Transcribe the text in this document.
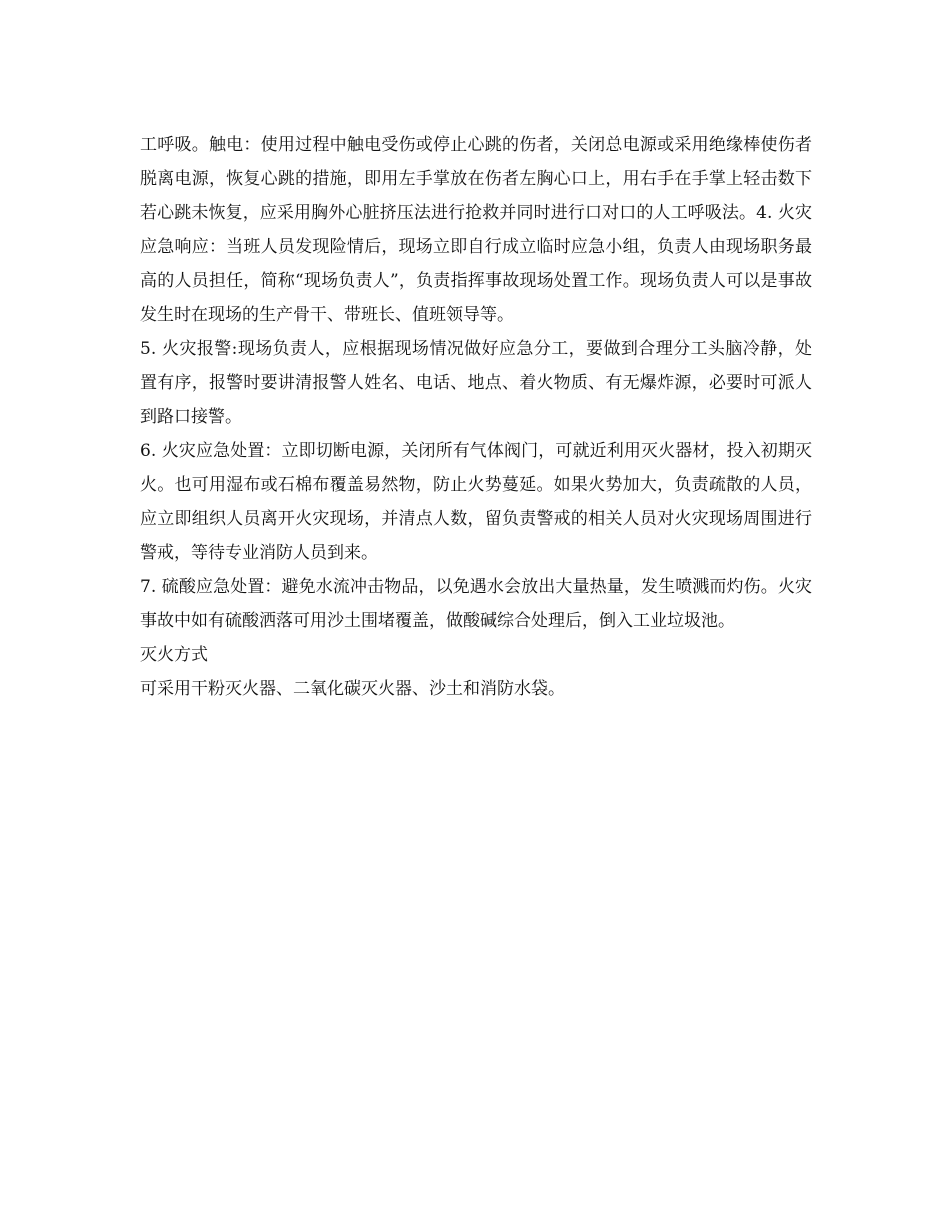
工呼吸。触电：使用过程中触电受伤或停止心跳的伤者，关闭总电源或采用绝缘棒使伤者脱离电源，恢复心跳的措施，即用左手掌放在伤者左胸心口上，用右手在手掌上轻击数下若心跳未恢复，应采用胸外心脏挤压法进行抢救并同时进行口对口的人工呼吸法。4. 火灾应急响应：当班人员发现险情后，现场立即自行成立临时应急小组，负责人由现场职务最高的人员担任，简称“现场负责人”，负责指挥事故现场处置工作。现场负责人可以是事故发生时在现场的生产骨干、带班长、值班领导等。

5. 火灾报警:现场负责人，应根据现场情况做好应急分工，要做到合理分工头脑冷静，处置有序，报警时要讲清报警人姓名、电话、地点、着火物质、有无爆炸源，必要时可派人到路口接警。

6. 火灾应急处置：立即切断电源，关闭所有气体阀门，可就近利用灭火器材，投入初期灭火。也可用湿布或石棉布覆盖易然物，防止火势蔓延。如果火势加大，负责疏散的人员，应立即组织人员离开火灾现场，并清点人数，留负责警戒的相关人员对火灾现场周围进行警戒，等待专业消防人员到来。

7. 硫酸应急处置：避免水流冲击物品，以免遇水会放出大量热量，发生喷溅而灼伤。火灾事故中如有硫酸洒落可用沙土围堵覆盖，做酸碱综合处理后，倒入工业垃圾池。

灭火方式

可采用干粉灭火器、二氧化碳灭火器、沙土和消防水袋。
